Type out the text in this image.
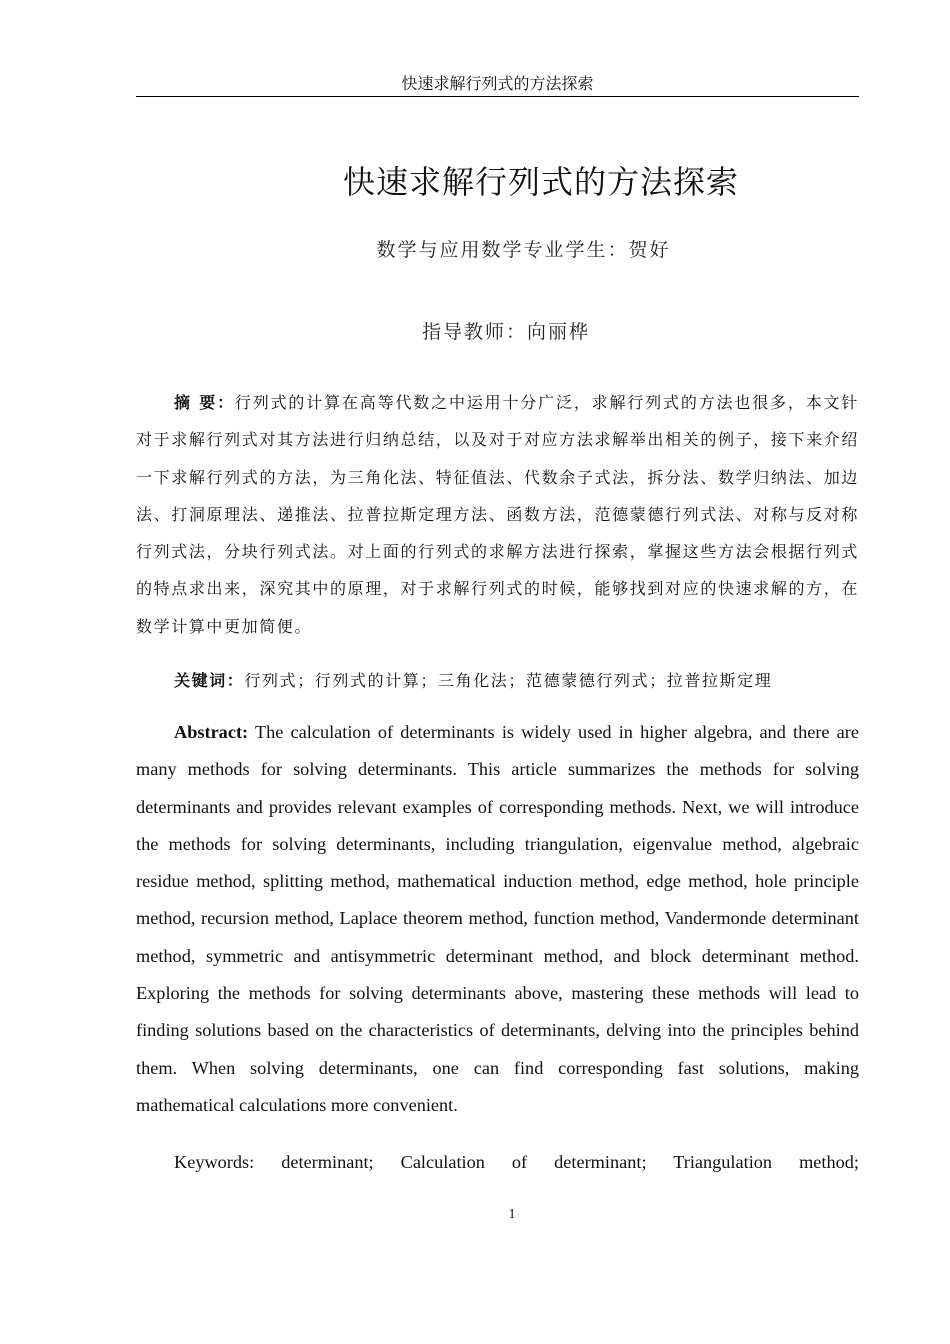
快速求解行列式的方法探索
快速求解行列式的方法探索
数学与应用数学专业学生：贺好
指导教师：向丽桦

摘 要：行列式的计算在高等代数之中运用十分广泛，求解行列式的方法也很多，本文针对于求解行列式对其方法进行归纳总结，以及对于对应方法求解举出相关的例子，接下来介绍一下求解行列式的方法，为三角化法、特征值法、代数余子式法，拆分法、数学归纳法、加边法、打洞原理法、递推法、拉普拉斯定理方法、函数方法，范德蒙德行列式法、对称与反对称行列式法，分块行列式法。对上面的行列式的求解方法进行探索，掌握这些方法会根据行列式的特点求出来，深究其中的原理，对于求解行列式的时候，能够找到对应的快速求解的方，在数学计算中更加简便。

关键词：行列式；行列式的计算；三角化法；范德蒙德行列式；拉普拉斯定理

Abstract: The calculation of determinants is widely used in higher algebra, and there are many methods for solving determinants. This article summarizes the methods for solving determinants and provides relevant examples of corresponding methods. Next, we will introduce the methods for solving determinants, including triangulation, eigenvalue method, algebraic residue method, splitting method, mathematical induction method, edge method, hole principle method, recursion method, Laplace theorem method, function method, Vandermonde determinant method, symmetric and antisymmetric determinant method, and block determinant method. Exploring the methods for solving determinants above, mastering these methods will lead to finding solutions based on the characteristics of determinants, delving into the principles behind them. When solving determinants, one can find corresponding fast solutions, making mathematical calculations more convenient.

Keywords: determinant; Calculation of determinant; Triangulation method;

1
